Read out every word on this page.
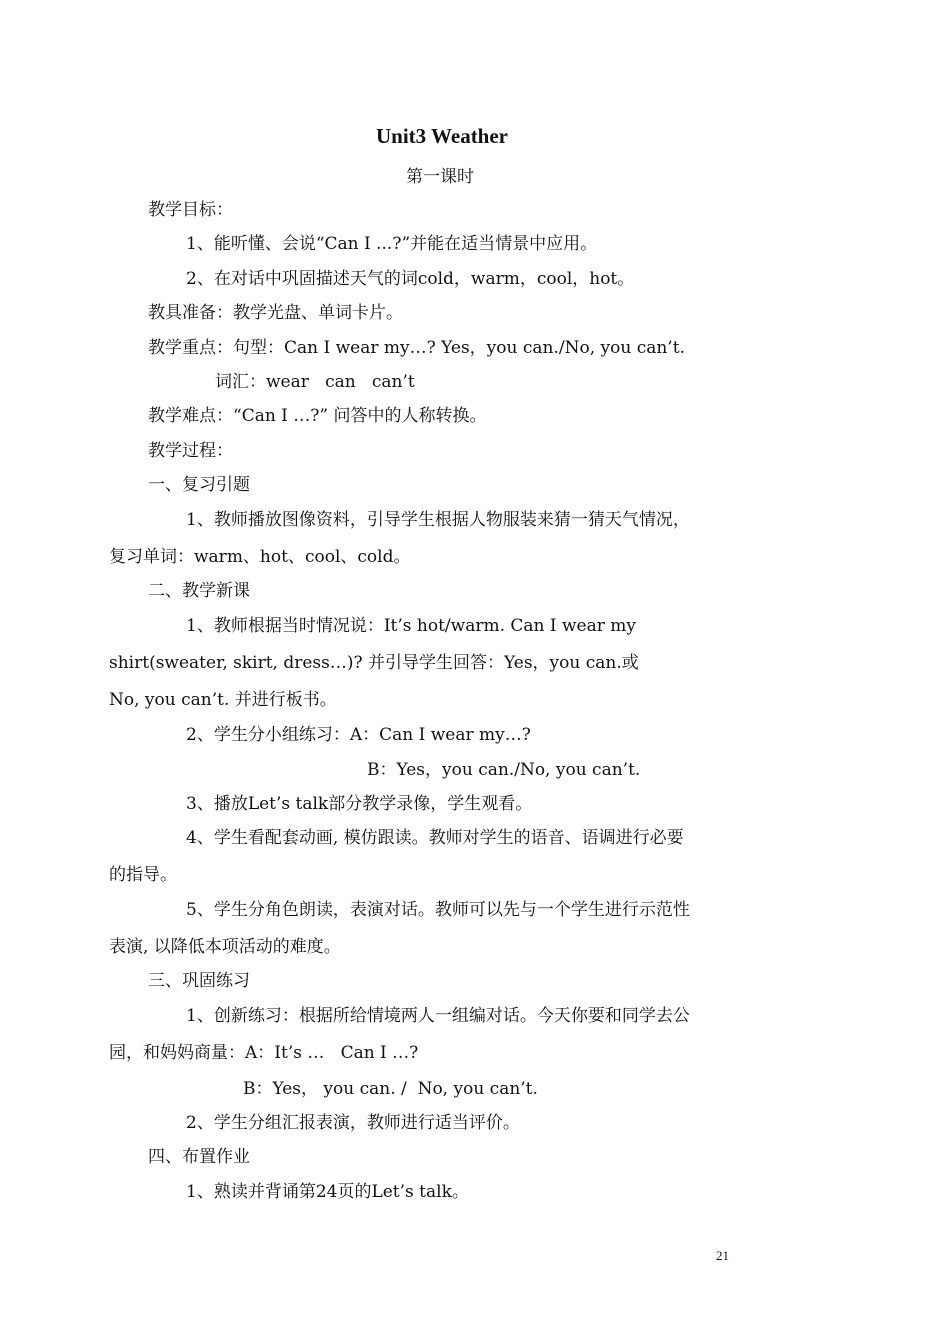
Unit3 Weather
第一课时
教学目标：
1、能听懂、会说“Can I ...?”并能在适当情景中应用。
2、在对话中巩固描述天气的词cold，warm，cool，hot。
教具准备：教学光盘、单词卡片。
教学重点：句型：Can I wear my…? Yes，you can./No, you can’t.
词汇：wear   can   can’t
教学难点：“Can I …?” 问答中的人称转换。
教学过程：
一、复习引题
1、教师播放图像资料，引导学生根据人物服装来猜一猜天气情况，
复习单词：warm、hot、cool、cold。
二、教学新课
1、教师根据当时情况说：It’s hot/warm. Can I wear my
shirt(sweater, skirt, dress…)? 并引导学生回答：Yes，you can.或
No, you can’t. 并进行板书。
2、学生分小组练习：A：Can I wear my…?
B：Yes，you can./No, you can’t.
3、播放Let’s talk部分教学录像，学生观看。
4、学生看配套动画, 模仿跟读。教师对学生的语音、语调进行必要
的指导。
5、学生分角色朗读，表演对话。教师可以先与一个学生进行示范性
表演, 以降低本项活动的难度。
三、巩固练习
1、创新练习：根据所给情境两人一组编对话。今天你要和同学去公
园，和妈妈商量：A：It’s …   Can I …?
B：Yes， you can. /  No, you can’t.
2、学生分组汇报表演，教师进行适当评价。
四、布置作业
1、熟读并背诵第24页的Let’s talk。
21
